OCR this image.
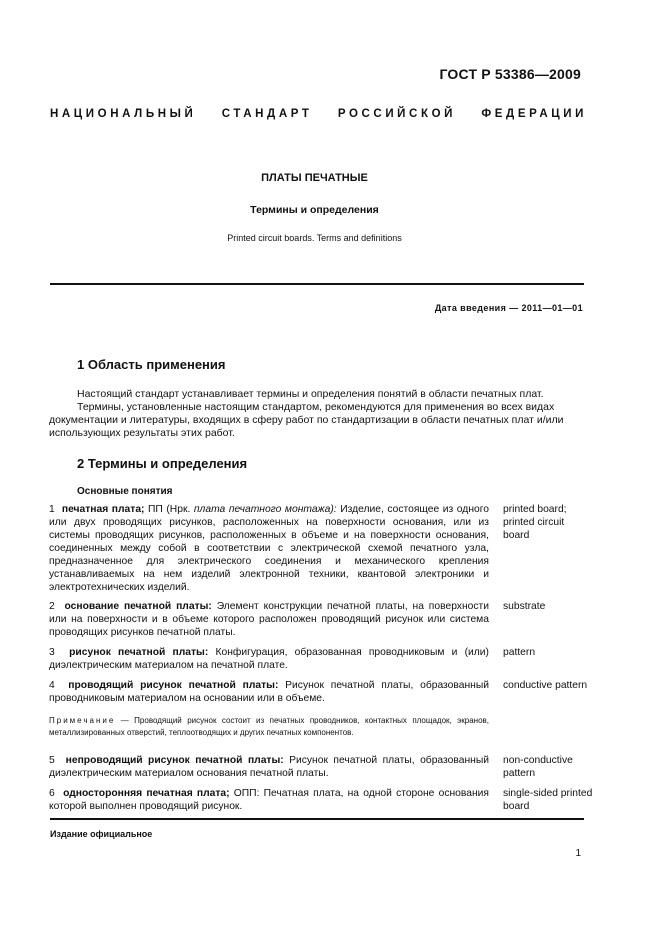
ГОСТ Р 53386—2009
НАЦИОНАЛЬНЫЙ СТАНДАРТ РОССИЙСКОЙ ФЕДЕРАЦИИ
ПЛАТЫ ПЕЧАТНЫЕ
Термины и определения
Printed circuit boards. Terms and definitions
Дата введения — 2011—01—01
1 Область применения

Настоящий стандарт устанавливает термины и определения понятий в области печатных плат.

Термины, установленные настоящим стандартом, рекомендуются для применения во всех видах
документации и литературы, входящих в сферу работ по стандартизации в области печатных плат и/или
использующих результаты этих работ.
2 Термины и определения
Основные понятия
1 печатная плата; ПП (Нрк. плата печатного монтажа): Изделие, состоящее из одного или двух проводящих рисунков, расположенных на поверхности основания, или из системы проводящих рисунков, расположенных в объеме и на поверхности основания, соединенных между собой в соответствии с электрической схемой печатного узла, предназначенное для электрического соединения и механического крепления устанавливаемых на нем изделий электронной техники, квантовой электроники и электротехнических изделий.
printed board; printed circuit board
2 основание печатной платы: Элемент конструкции печатной платы, на поверхности или на поверхности и в объеме которого расположен проводящий рисунок или система проводящих рисунков печатной платы.
substrate
3 рисунок печатной платы: Конфигурация, образованная проводниковым и (или) диэлектрическим материалом на печатной плате.
pattern
4 проводящий рисунок печатной платы: Рисунок печатной платы, образованный проводниковым материалом на основании или в объеме.
conductive pattern
Примечание — Проводящий рисунок состоит из печатных проводников, контактных площадок, экранов, металлизированных отверстий, теплоотводящих и других печатных компонентов.
5 непроводящий рисунок печатной платы: Рисунок печатной платы, образованный диэлектрическим материалом основания печатной платы.
non-conductive pattern
6 односторонняя печатная плата; ОПП: Печатная плата, на одной стороне основания которой выполнен проводящий рисунок.
single-sided printed board
Издание официальное
1
